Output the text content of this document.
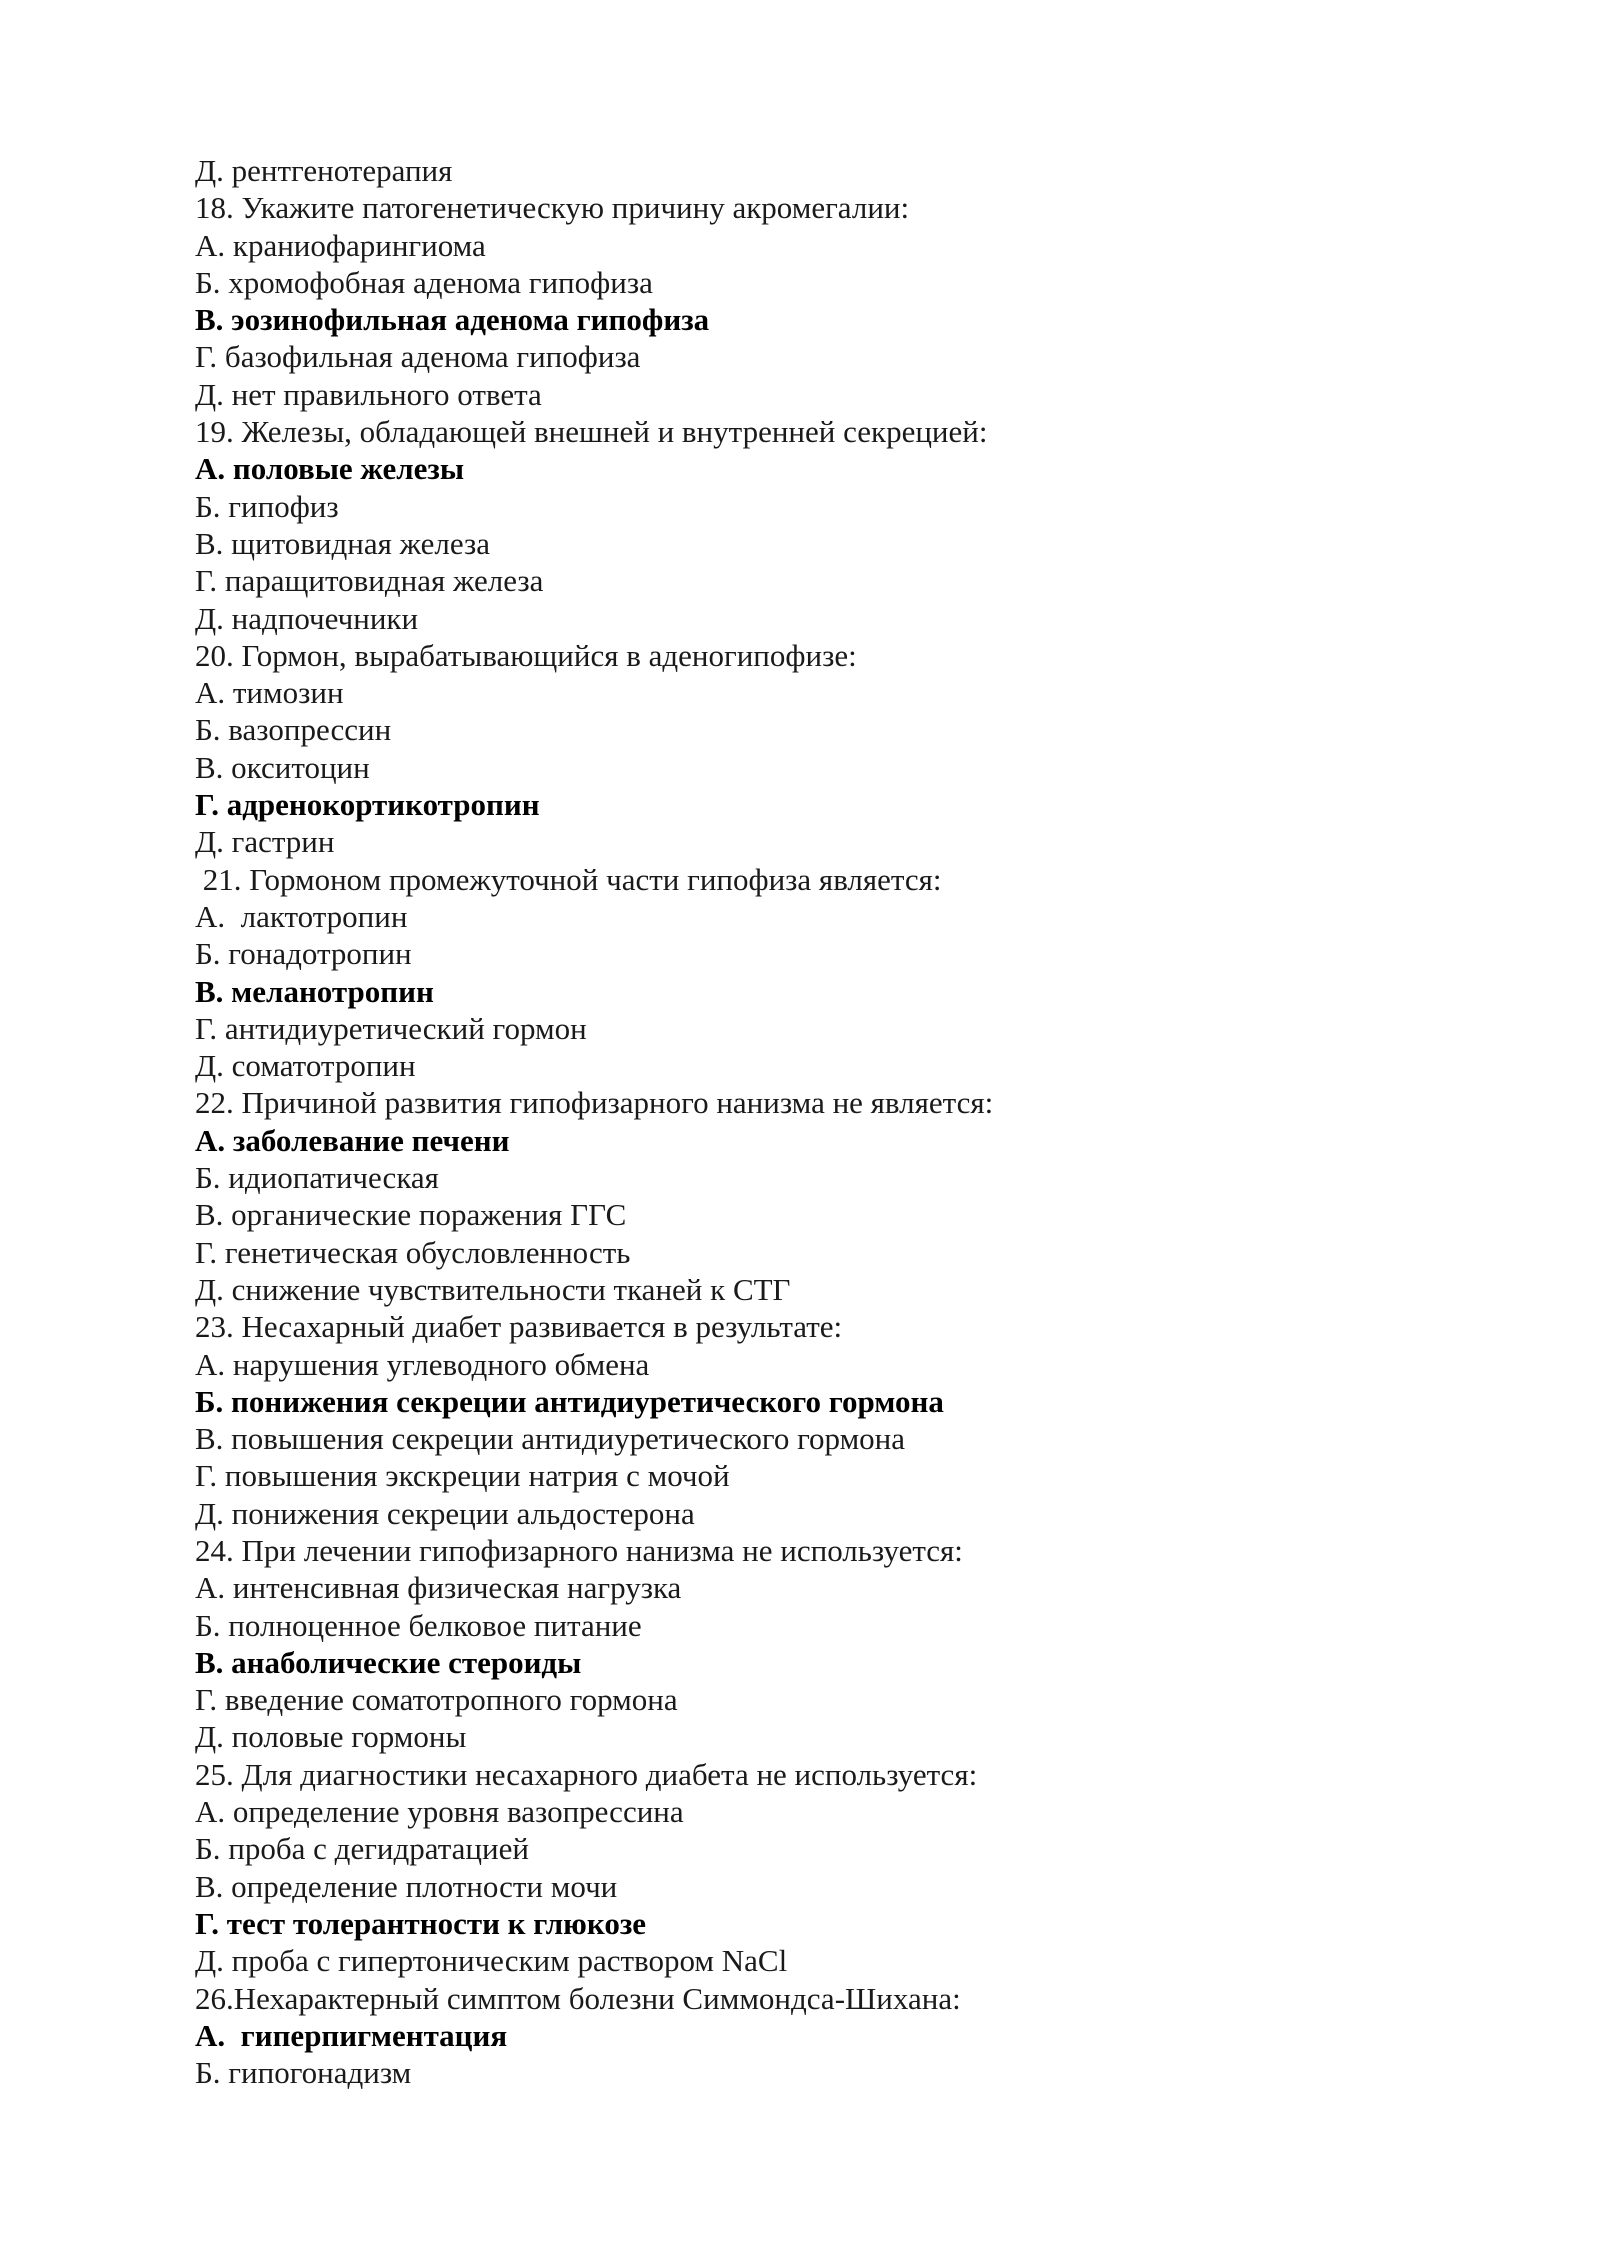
Д. рентгенотерапия
18. Укажите патогенетическую причину акромегалии:
А. краниофарингиома
Б. хромофобная аденома гипофиза
В. эозинофильная аденома гипофиза
Г. базофильная аденома гипофиза
Д. нет правильного ответа
19. Железы, обладающей внешней и внутренней секрецией:
А. половые железы
Б. гипофиз
В. щитовидная железа
Г. паращитовидная железа
Д. надпочечники
20. Гормон, вырабатывающийся в аденогипофизе:
А. тимозин
Б. вазопрессин
В. окситоцин
Г. адренокортикотропин
Д. гастрин
21. Гормоном промежуточной части гипофиза является:
А.  лактотропин
Б. гонадотропин
В. меланотропин
Г. антидиуретический гормон
Д. соматотропин
22. Причиной развития гипофизарного нанизма не является:
А. заболевание печени
Б. идиопатическая
В. органические поражения ГГС
Г. генетическая обусловленность
Д. снижение чувствительности тканей к СТГ
23. Несахарный диабет развивается в результате:
А. нарушения углеводного обмена
Б. понижения секреции антидиуретического гормона
В. повышения секреции антидиуретического гормона
Г. повышения экскреции натрия с мочой
Д. понижения секреции альдостерона
24. При лечении гипофизарного нанизма не используется:
А. интенсивная физическая нагрузка
Б. полноценное белковое питание
В. анаболические стероиды
Г. введение соматотропного гормона
Д. половые гормоны
25. Для диагностики несахарного диабета не используется:
А. определение уровня вазопрессина
Б. проба с дегидратацией
В. определение плотности мочи
Г. тест толерантности к глюкозе
Д. проба с гипертоническим раствором NaCl
26.Нехарактерный симптом болезни Симмондса-Шихана:
А.  гиперпигментация
Б. гипогонадизм
